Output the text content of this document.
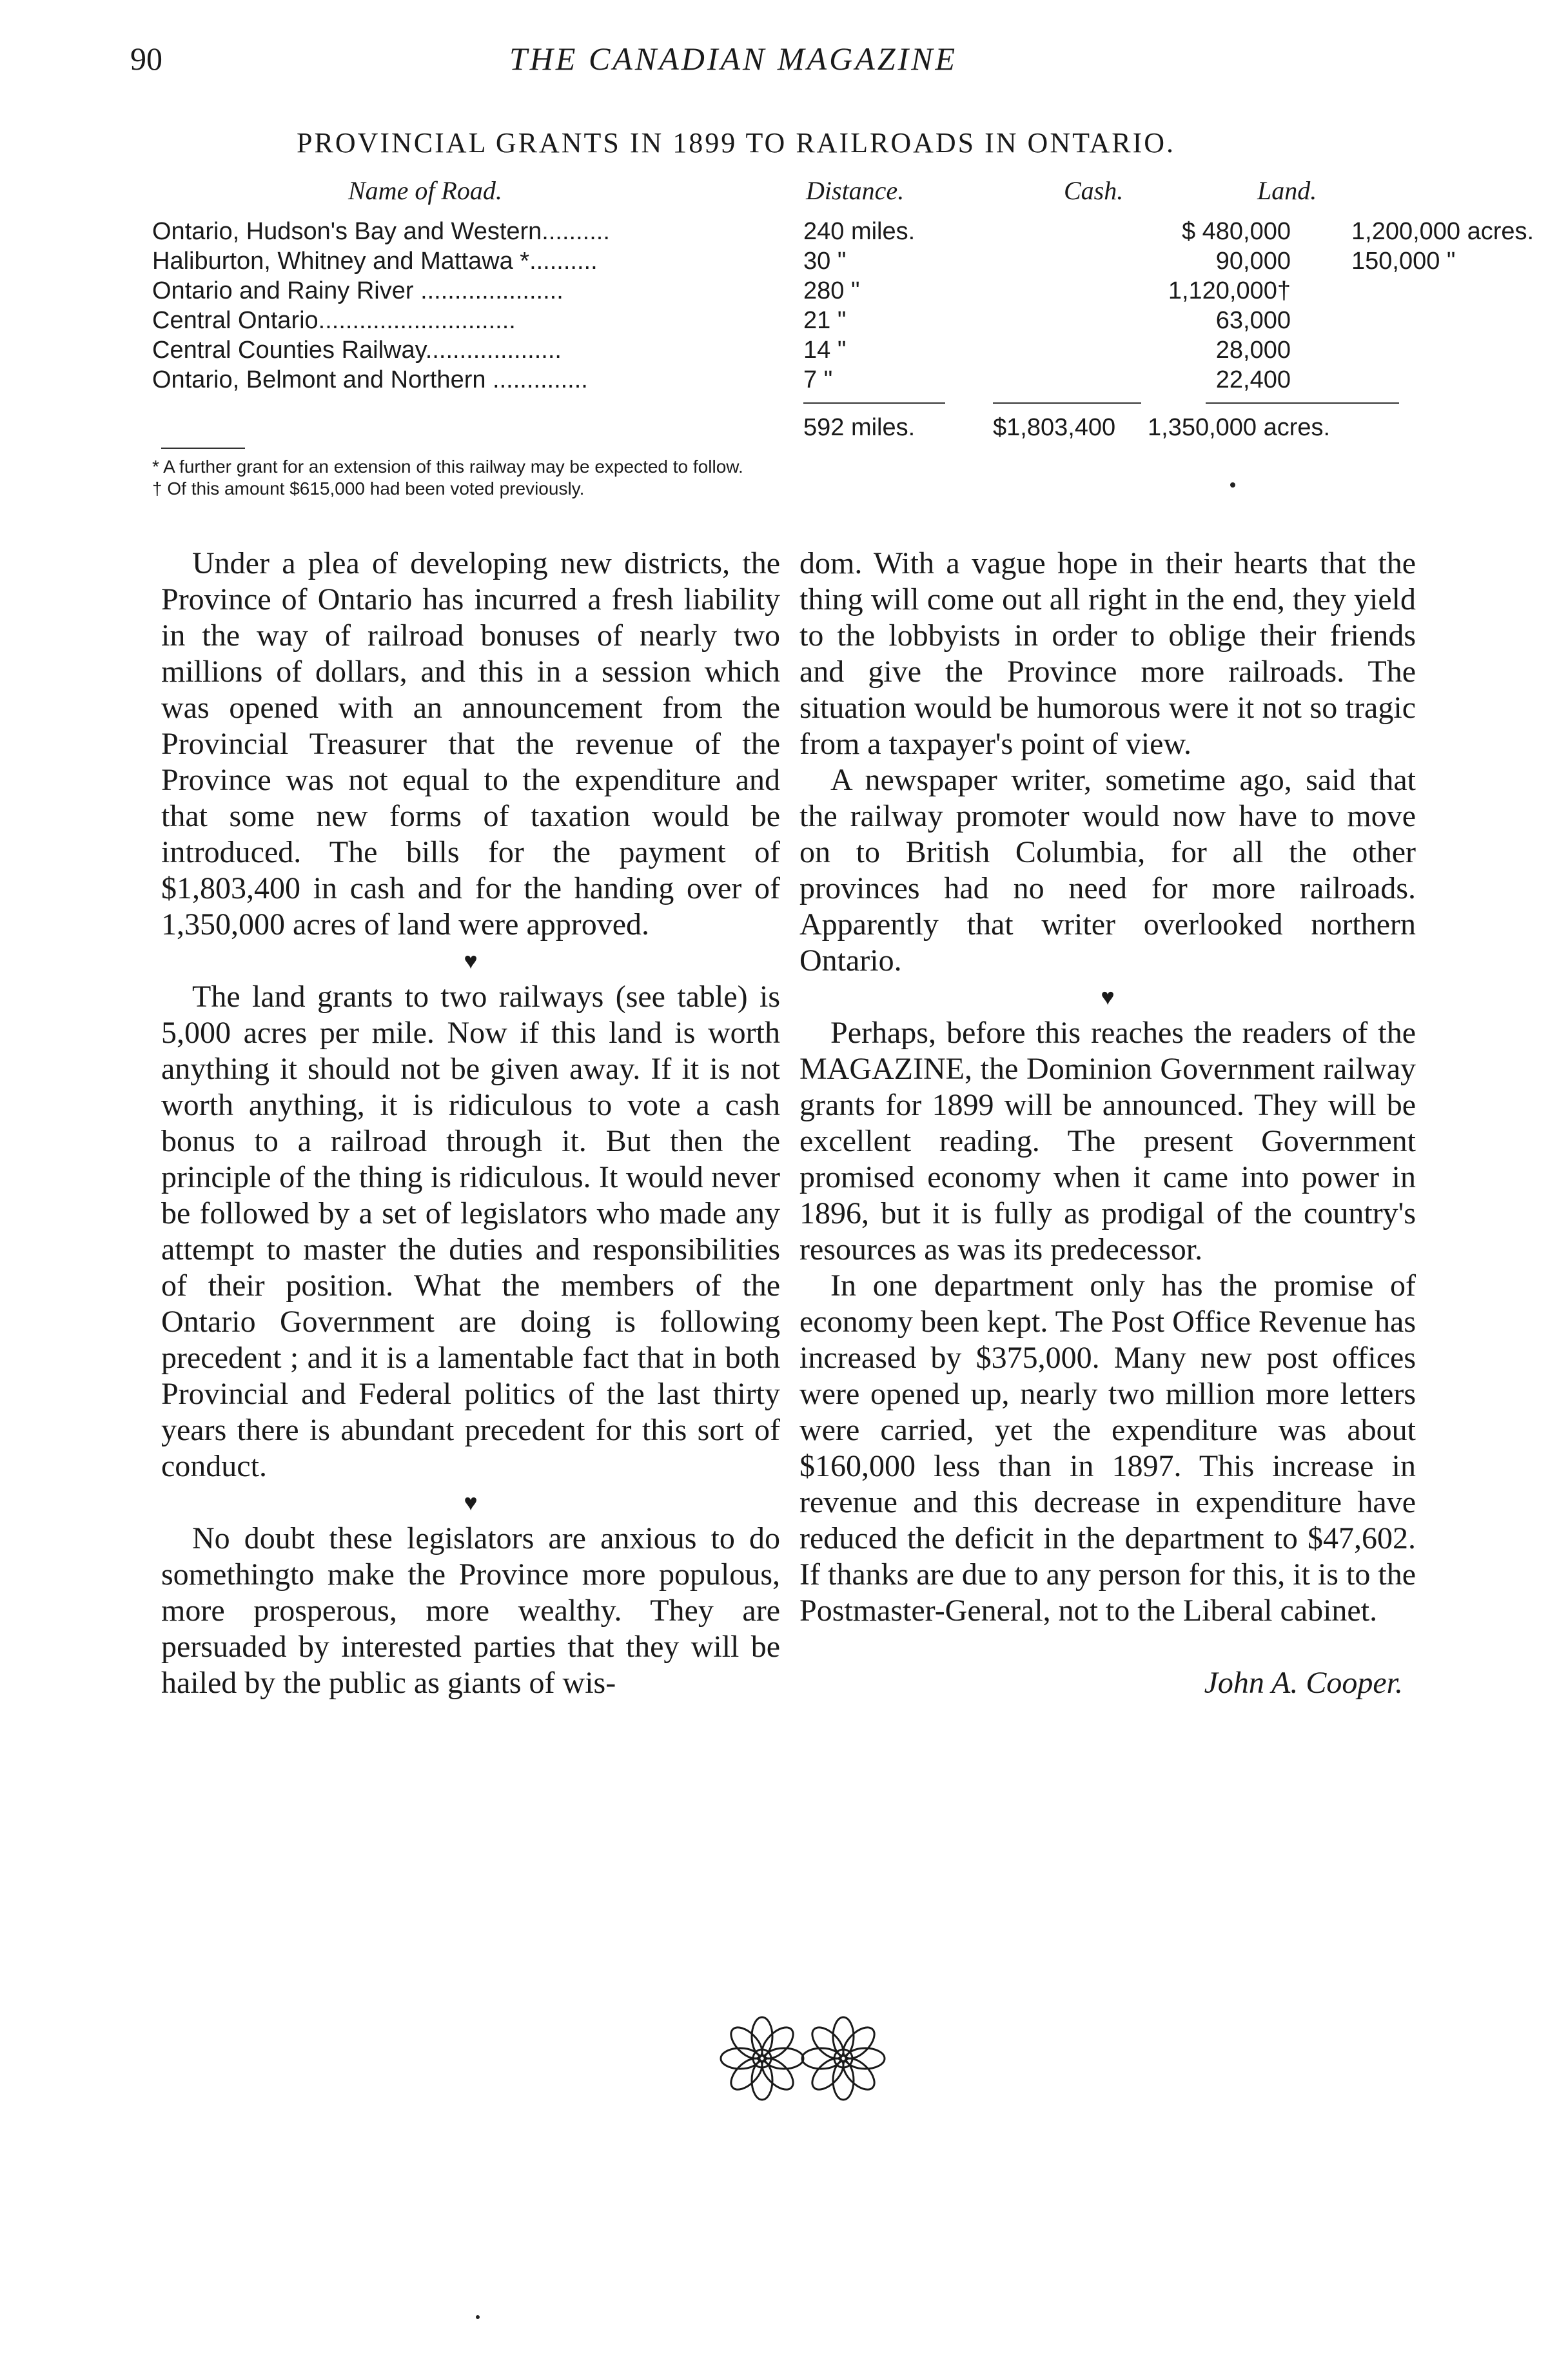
90	THE CANADIAN MAGAZINE
PROVINCIAL GRANTS IN 1899 TO RAILROADS IN ONTARIO.
Name of Road.	Distance.	Cash.	Land.
Ontario, Hudson's Bay and Western..........	240 miles.	$ 480,000 1,200,000 acres.
Haliburton, Whitney and Mattawa *..........	30 "	90,000 150,000 "
Ontario and Rainy River .....................	280 "	1,120,000†
Central Ontario.............................	21 "	63,000
Central Counties Railway....................	14 "	28,000
Ontario, Belmont and Northern ..............	7 "	22,400
592 miles.	$1,803,400 1,350,000 acres.
* A further grant for an extension of this railway may be expected to follow.
† Of this amount $615,000 had been voted previously.

Under a plea of developing new districts, the Province of Ontario has incurred a fresh liability in the way of railroad bonuses of nearly two millions of dollars, and this in a session which was opened with an announcement from the Provincial Treasurer that the revenue of the Province was not equal to the expenditure and that some new forms of taxation would be introduced. The bills for the payment of $1,803,400 in cash and for the handing over of 1,350,000 acres of land were approved.

♥

The land grants to two railways (see table) is 5,000 acres per mile. Now if this land is worth anything it should not be given away. If it is not worth anything, it is ridiculous to vote a cash bonus to a railroad through it. But then the principle of the thing is ridiculous. It would never be followed by a set of legislators who made any attempt to master the duties and responsibilities of their position. What the members of the Ontario Government are doing is following precedent ; and it is a lamentable fact that in both Provincial and Federal politics of the last thirty years there is abundant precedent for this sort of conduct.

♥

No doubt these legislators are anxious to do somethingto make the Province more populous, more prosperous, more wealthy. They are persuaded by interested parties that they will be hailed by the public as giants of wis-

dom. With a vague hope in their hearts that the thing will come out all right in the end, they yield to the lobbyists in order to oblige their friends and give the Province more railroads. The situation would be humorous were it not so tragic from a taxpayer's point of view.

A newspaper writer, sometime ago, said that the railway promoter would now have to move on to British Columbia, for all the other provinces had no need for more railroads. Apparently that writer overlooked northern Ontario.

♥

Perhaps, before this reaches the readers of the MAGAZINE, the Dominion Government railway grants for 1899 will be announced. They will be excellent reading. The present Government promised economy when it came into power in 1896, but it is fully as prodigal of the country's resources as was its predecessor.

In one department only has the promise of economy been kept. The Post Office Revenue has increased by $375,000. Many new post offices were opened up, nearly two million more letters were carried, yet the expenditure was about $160,000 less than in 1897. This increase in revenue and this decrease in expenditure have reduced the deficit in the department to $47,602. If thanks are due to any person for this, it is to the Postmaster-General, not to the Liberal cabinet.

John A. Cooper.
